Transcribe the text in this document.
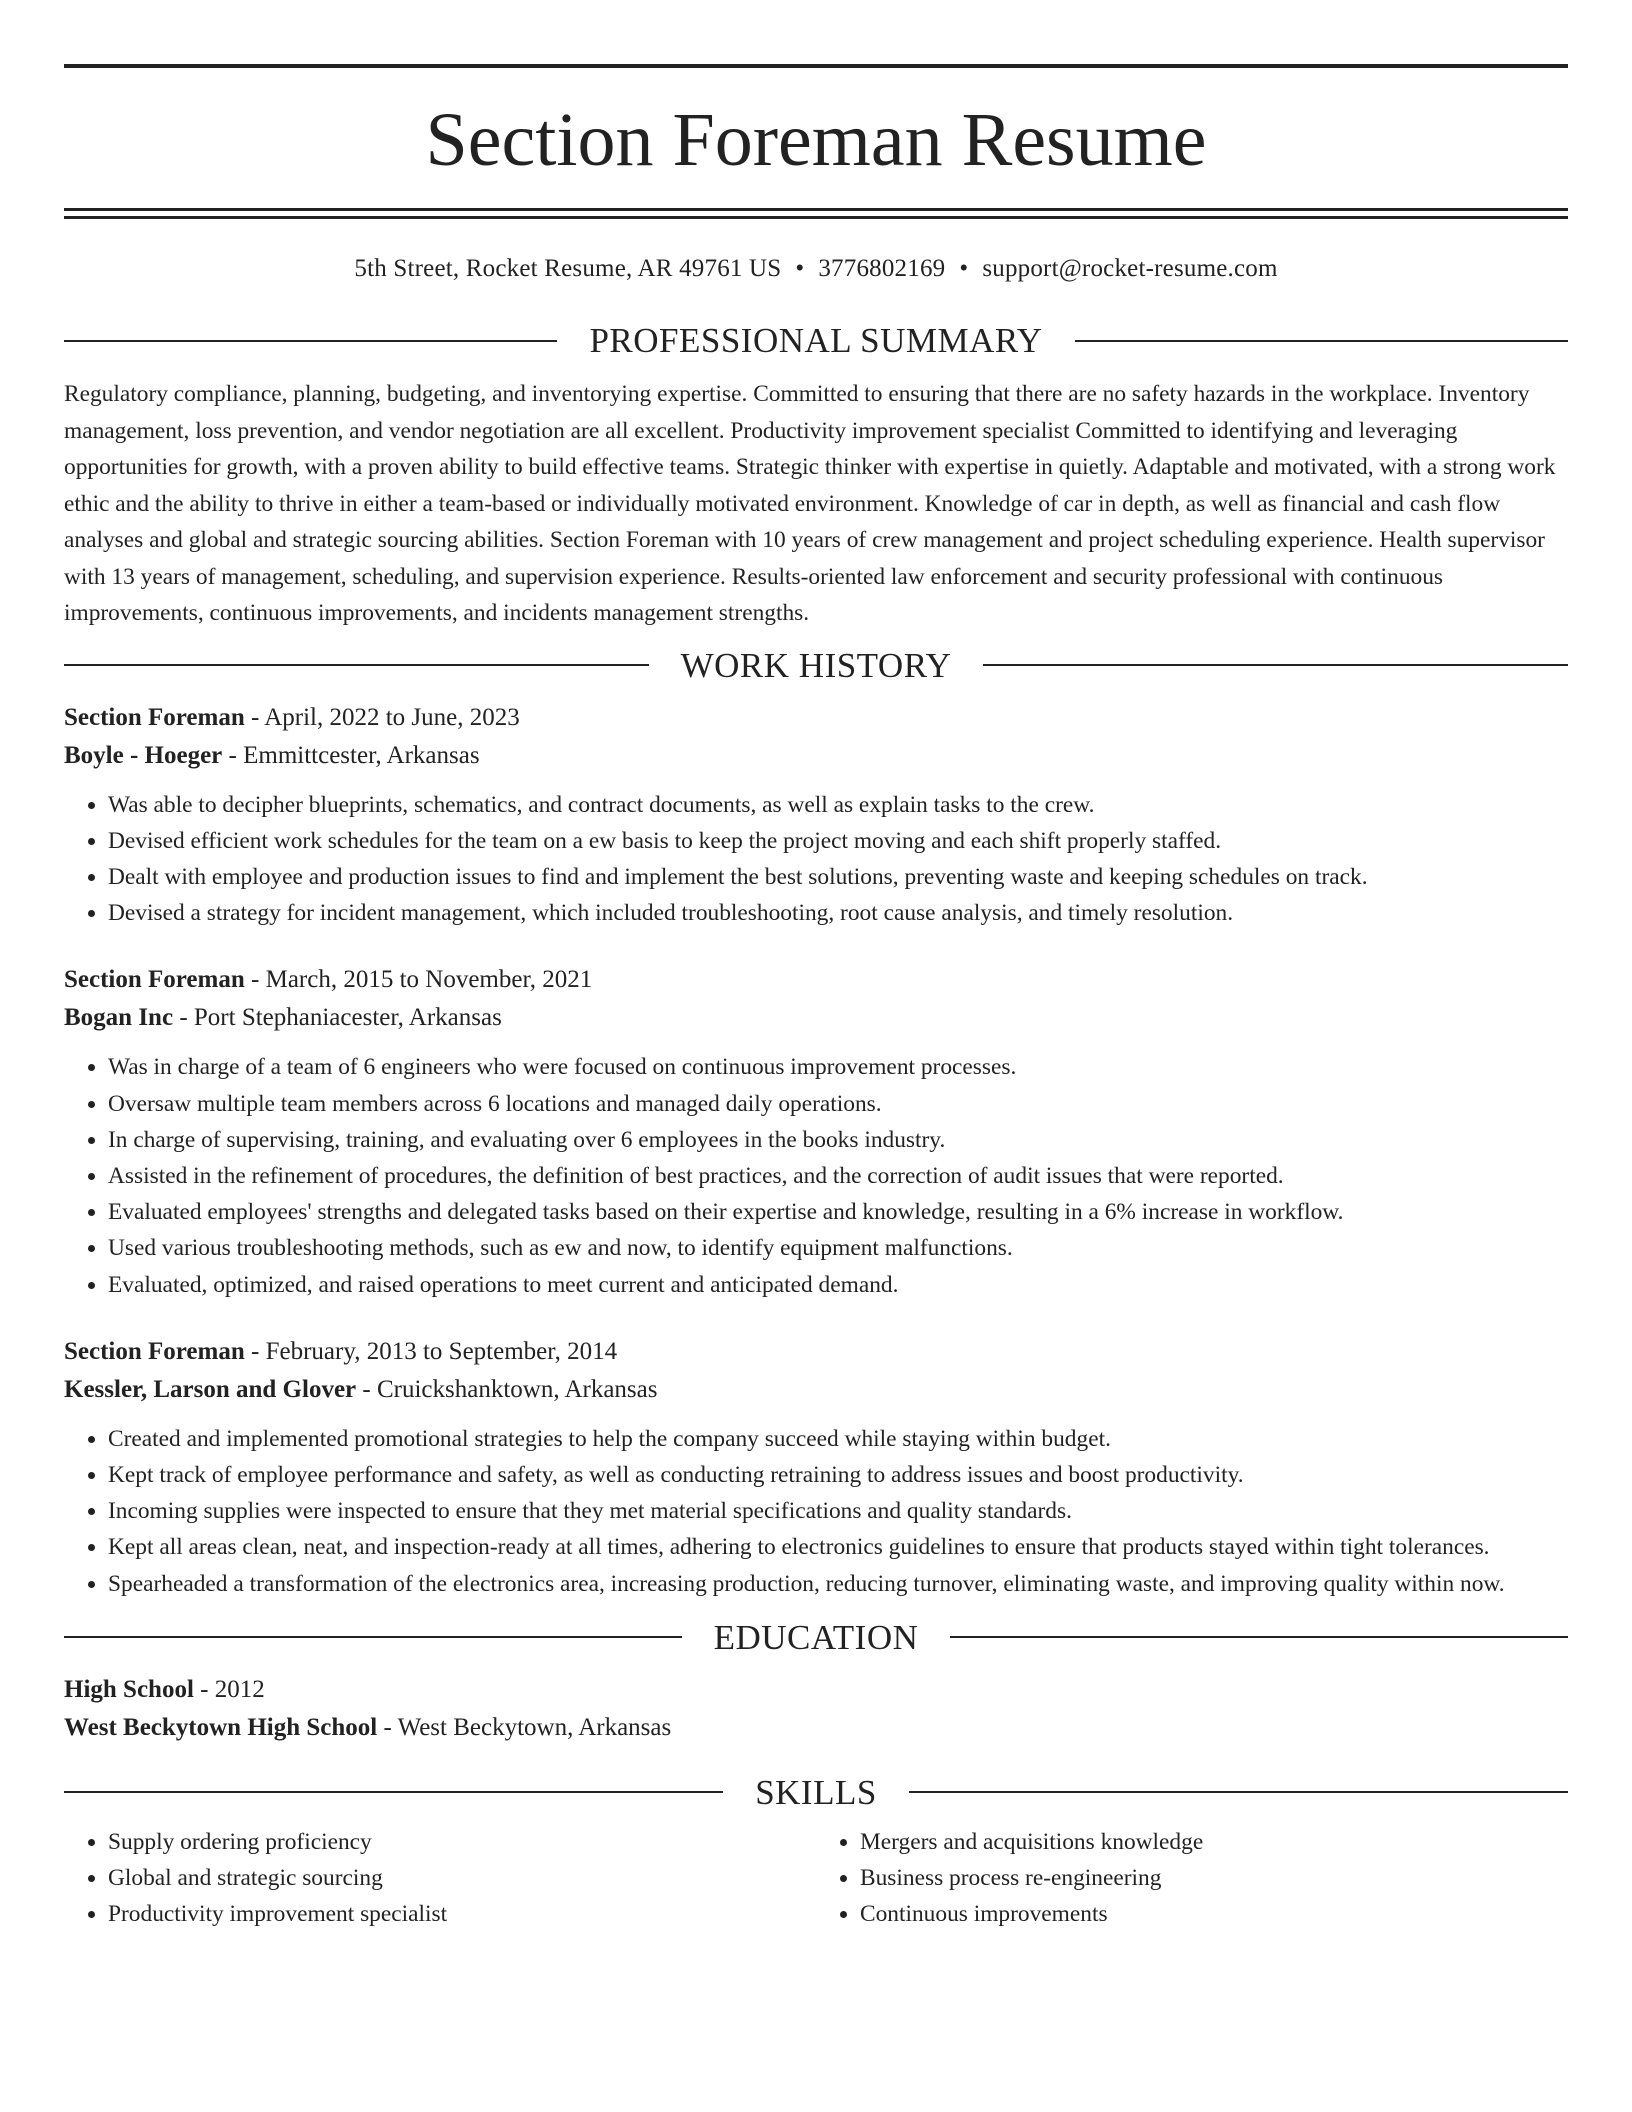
Section Foreman Resume
5th Street, Rocket Resume, AR 49761 US • 3776802169 • support@rocket-resume.com
PROFESSIONAL SUMMARY

Regulatory compliance, planning, budgeting, and inventorying expertise. Committed to ensuring that there are no safety hazards in the workplace. Inventory management, loss prevention, and vendor negotiation are all excellent. Productivity improvement specialist Committed to identifying and leveraging opportunities for growth, with a proven ability to build effective teams. Strategic thinker with expertise in quietly. Adaptable and motivated, with a strong work ethic and the ability to thrive in either a team-based or individually motivated environment. Knowledge of car in depth, as well as financial and cash flow analyses and global and strategic sourcing abilities. Section Foreman with 10 years of crew management and project scheduling experience. Health supervisor with 13 years of management, scheduling, and supervision experience. Results-oriented law enforcement and security professional with continuous improvements, continuous improvements, and incidents management strengths.

WORK HISTORY
Section Foreman - April, 2022 to June, 2023
Boyle - Hoeger - Emmittcester, Arkansas
• Was able to decipher blueprints, schematics, and contract documents, as well as explain tasks to the crew.
• Devised efficient work schedules for the team on a ew basis to keep the project moving and each shift properly staffed.
• Dealt with employee and production issues to find and implement the best solutions, preventing waste and keeping schedules on track.
• Devised a strategy for incident management, which included troubleshooting, root cause analysis, and timely resolution.
Section Foreman - March, 2015 to November, 2021
Bogan Inc - Port Stephaniacester, Arkansas
• Was in charge of a team of 6 engineers who were focused on continuous improvement processes.
• Oversaw multiple team members across 6 locations and managed daily operations.
• In charge of supervising, training, and evaluating over 6 employees in the books industry.
• Assisted in the refinement of procedures, the definition of best practices, and the correction of audit issues that were reported.
• Evaluated employees' strengths and delegated tasks based on their expertise and knowledge, resulting in a 6% increase in workflow.
• Used various troubleshooting methods, such as ew and now, to identify equipment malfunctions.
• Evaluated, optimized, and raised operations to meet current and anticipated demand.
Section Foreman - February, 2013 to September, 2014
Kessler, Larson and Glover - Cruickshanktown, Arkansas
• Created and implemented promotional strategies to help the company succeed while staying within budget.
• Kept track of employee performance and safety, as well as conducting retraining to address issues and boost productivity.
• Incoming supplies were inspected to ensure that they met material specifications and quality standards.
• Kept all areas clean, neat, and inspection-ready at all times, adhering to electronics guidelines to ensure that products stayed within tight tolerances.
• Spearheaded a transformation of the electronics area, increasing production, reducing turnover, eliminating waste, and improving quality within now.
EDUCATION
High School - 2012
West Beckytown High School - West Beckytown, Arkansas
SKILLS
• Supply ordering proficiency
• Global and strategic sourcing
• Productivity improvement specialist
• Mergers and acquisitions knowledge
• Business process re-engineering
• Continuous improvements
